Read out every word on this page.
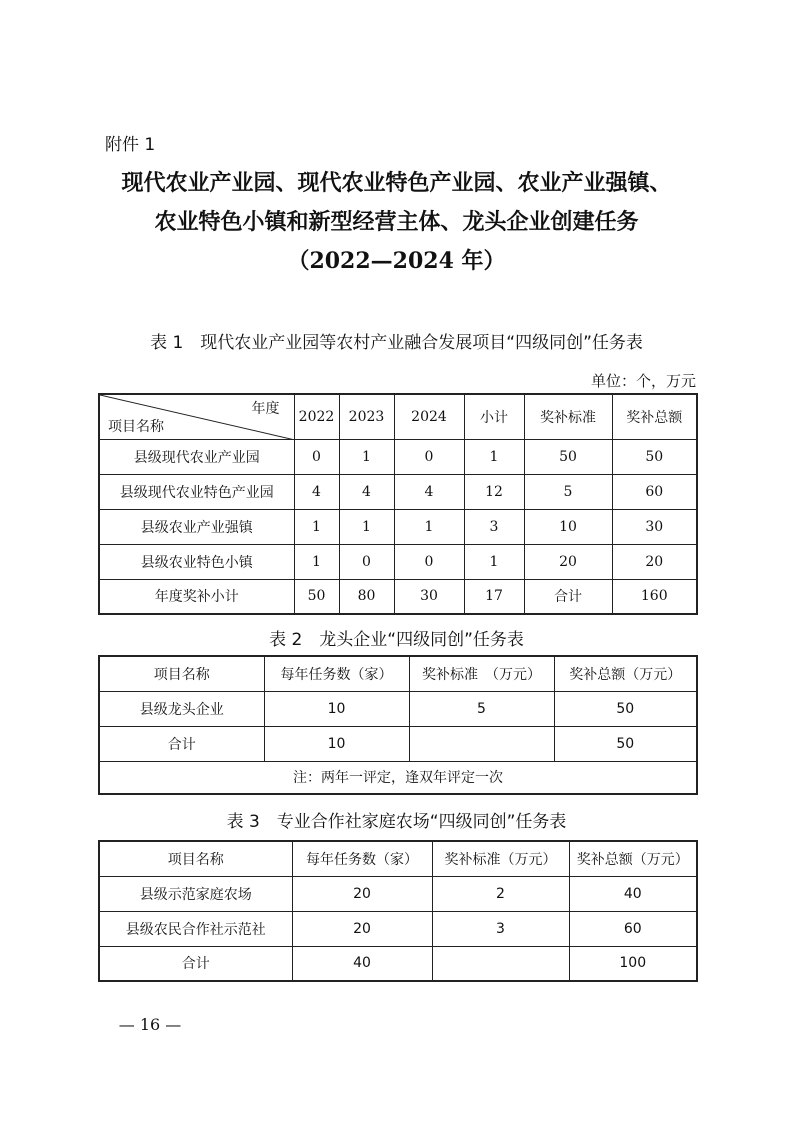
附件 1
现代农业产业园、现代农业特色产业园、农业产业强镇、
农业特色小镇和新型经营主体、龙头企业创建任务
（2022—2024 年）
表 1　现代农业产业园等农村产业融合发展项目“四级同创”任务表
单位：个，万元
年度
项目名称	2022	2023	2024	小计	奖补标准	奖补总额
县级现代农业产业园	0	1	0	1	50	50
县级现代农业特色产业园	4	4	4	12	5	60
县级农业产业强镇	1	1	1	3	10	30
县级农业特色小镇	1	0	0	1	20	20
年度奖补小计	50	80	30	17	合计	160
表 2　龙头企业“四级同创”任务表
项目名称	每年任务数（家）	奖补标准　（万元）	奖补总额（万元）
县级龙头企业	10	5	50
合计	10		50
注：两年一评定，逢双年评定一次			
表 3　专业合作社家庭农场“四级同创”任务表
项目名称	每年任务数（家）	奖补标准（万元）	奖补总额（万元）
县级示范家庭农场	20	2	40
县级农民合作社示范社	20	3	60
合计	40		100
— 16 —
